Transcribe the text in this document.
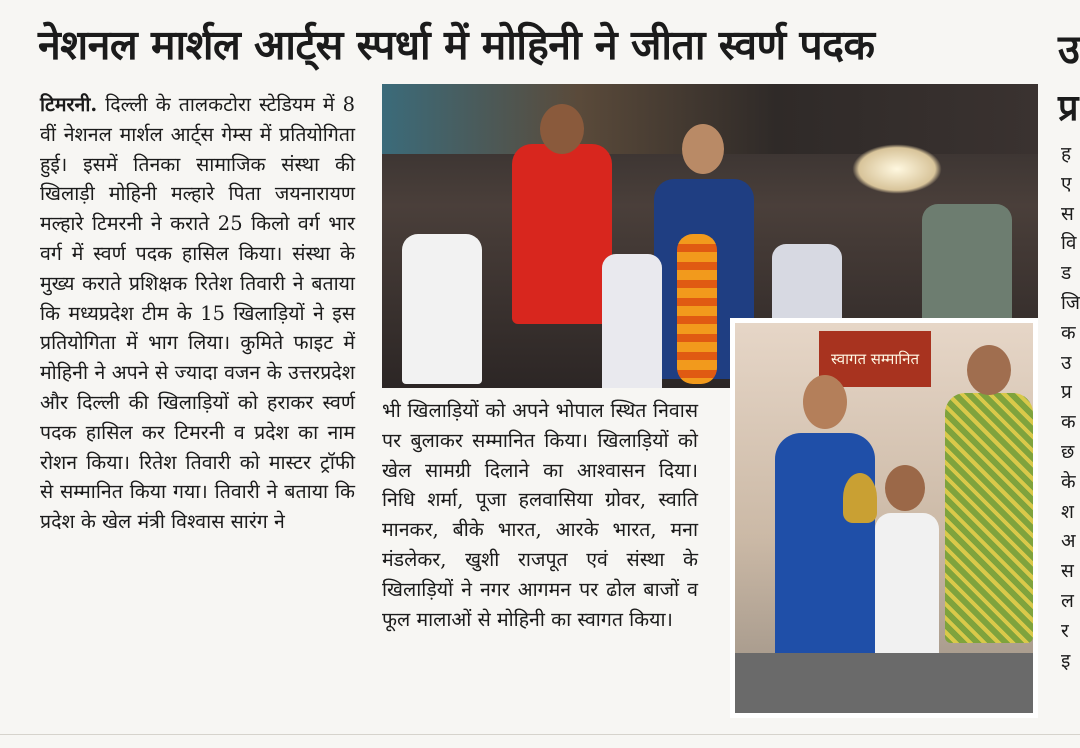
नेशनल मार्शल आर्ट्स स्पर्धा में मोहिनी ने जीता स्वर्ण पदक	उ
प्र

टिमरनी. दिल्ली के तालकटोरा स्टेडियम में 8 वीं नेशनल मार्शल आर्ट्स गेम्स में प्रतियोगिता हुई। इसमें तिनका सामाजिक संस्था की खिलाड़ी मोहिनी मल्हारे पिता जयनारायण मल्हारे टिमरनी ने कराते 25 किलो वर्ग भार वर्ग में स्वर्ण पदक हासिल किया। संस्था के मुख्य कराते प्रशिक्षक रितेश तिवारी ने बताया कि मध्यप्रदेश टीम के 15 खिलाड़ियों ने इस प्रतियोगिता में भाग लिया। कुमिते फाइट में मोहिनी ने अपने से ज्यादा वजन के उत्तरप्रदेश और दिल्ली की खिलाड़ियों को हराकर स्वर्ण पदक हासिल कर टिमरनी व प्रदेश का नाम रोशन किया। रितेश तिवारी को मास्टर ट्रॉफी से सम्मानित किया गया। तिवारी ने बताया कि प्रदेश के खेल मंत्री विश्वास सारंग ने

स्वागत सम्मानित

भी खिलाड़ियों को अपने भोपाल स्थित निवास पर बुलाकर सम्मानित किया। खिलाड़ियों को खेल सामग्री दिलाने का आश्वासन दिया। निधि शर्मा, पूजा हलवासिया ग्रोवर, स्वाति मानकर, बीके भारत, आरके भारत, मना मंडलेकर, खुशी राजपूत एवं संस्था के खिलाड़ियों ने नगर आगमन पर ढोल बाजों व फूल मालाओं से मोहिनी का स्वागत किया।

ह
ए
स
वि
ड
जि
क
उ
प्र
क
छ
के
श
अ
स
ल
र
इ
